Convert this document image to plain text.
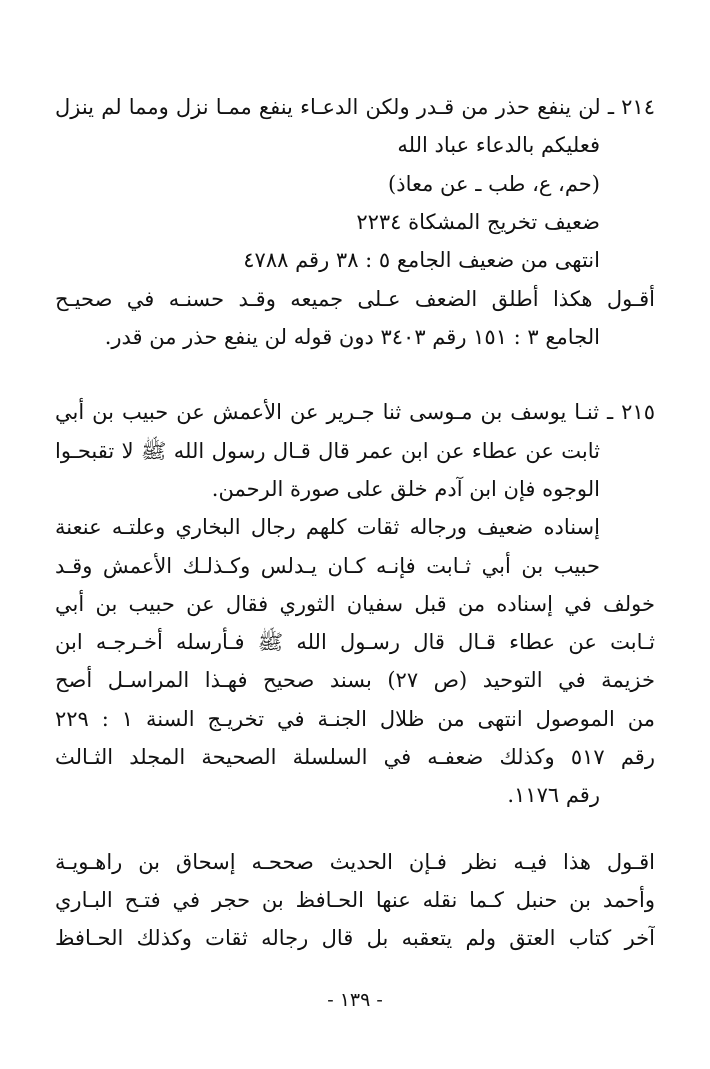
٢١٤ ـ لن ينفع حذر من قـدر ولكن الدعـاء ينفع ممـا نزل ومما لم ينزل
فعليكم بالدعاء عباد الله
(حم، ع، طب ـ عن معاذ)
ضعيف تخريج المشكاة ٢٢٣٤
انتهى من ضعيف الجامع ٥ : ٣٨ رقم ٤٧٨٨
أقـول هكذا أطلق الضعف عـلى جميعه وقـد حسنـه في صحيـح
الجامع ٣ : ١٥١ رقم ٣٤٠٣ دون قوله لن ينفع حذر من قدر.
٢١٥ ـ ثنـا يوسف بن مـوسى ثنا جـرير عن الأعمش عن حبيب بن أبي
ثابت عن عطاء عن ابن عمر قال قـال رسول الله ﷺ لا تقبحـوا
الوجوه فإن ابن آدم خلق على صورة الرحمن.
إسناده ضعيف ورجاله ثقات كلهم رجال البخاري وعلتـه عنعنة
حبيب بن أبي ثـابت فإنـه كـان يـدلس وكـذلـك الأعمش وقـد
خولف في إسناده من قبل سفيان الثوري فقال عن حبيب بن أبي
ثـابت عن عطاء قـال قال رسـول الله ﷺ فـأرسله أخـرجـه ابن
خزيمة في التوحيد (ص ٢٧) بسند صحيح فهـذا المراسـل أصح
من الموصول انتهى من ظلال الجنـة في تخريـج السنة ١ : ٢٢٩
رقم ٥١٧ وكذلك ضعفـه في السلسلة الصحيحة المجلد الثـالث
رقم ١١٧٦.
اقـول هذا فيـه نظر فـإن الحديث صححـه إسحاق بن راهـويـة
وأحمد بن حنبل كـما نقله عنها الحـافظ بن حجر في فتـح البـاري
آخر كتاب العتق ولم يتعقبه بل قال رجاله ثقات وكذلك الحـافظ
- ١٣٩ -
